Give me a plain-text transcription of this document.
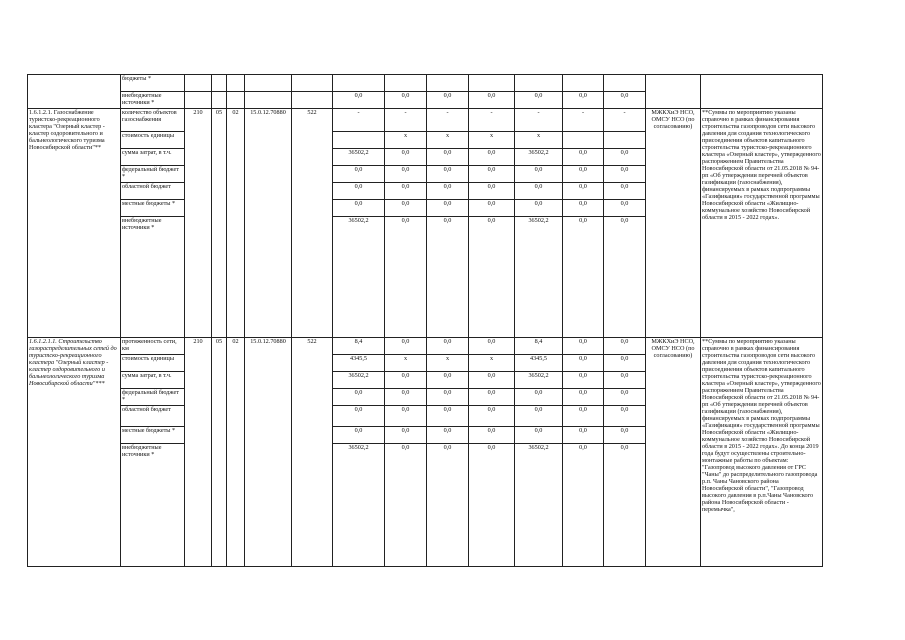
	бюджеты *														
	внебюджетные источники *						0,0	0,0	0,0	0,0	0,0	0,0	0,0		
1.6.1.2.1. Газоснабжение туристско-рекреационного кластера "Озерный кластер - кластер оздоровительного и бальнеологического туризма Новосибирской области"**	количество объектов газоснабжения	210	05	02	15.0.12.70880	522	-	-	-	-	-	-	-	МЖКХиЭ НСО, ОМСУ НСО (по согласованию)	**Суммы по мероприятию указаны справочно в рамках финансирования строительства газопроводов сети высокого давления для создания технологического присоединения объектов капитального строительства туристско-рекреационного кластера «Озерный кластер», утвержденного распоряжением Правительства Новосибирской области от 21.05.2018 № 94-рп «Об утверждении перечней объектов газификации (газоснабжения), финансируемых в рамках подпрограммы «Газификация» государственной программы Новосибирской области «Жилищно-коммунальное хозяйство Новосибирской области в 2015 - 2022 годах».
	стоимость единицы							x	x	x	x				
	сумма затрат, в т.ч.						36502,2	0,0	0,0	0,0	36502,2	0,0	0,0		
	федеральный бюджет *						0,0	0,0	0,0	0,0	0,0	0,0	0,0		
	областной бюджет						0,0	0,0	0,0	0,0	0,0	0,0	0,0		
	местные бюджеты *						0,0	0,0	0,0	0,0	0,0	0,0	0,0		
	внебюджетные источники *						36502,2	0,0	0,0	0,0	36502,2	0,0	0,0		
1.6.1.2.1.1. Строительство газораспределительных сетей до туристско-рекреационного кластера "Озерный кластер - кластер оздоровительного и бальнеологического туризма Новосибирской области"***	протяженность сети, км	210	05	02	15.0.12.70880	522	8,4	0,0	0,0	0,0	8,4	0,0	0,0	МЖКХиЭ НСО, ОМСУ НСО (по согласованию)	**Суммы по мероприятию указаны справочно в рамках финансирования строительства газопроводов сети высокого давления для создания технологического присоединения объектов капитального строительства туристско-рекреационного кластера «Озерный кластер», утвержденного распоряжением Правительства Новосибирской области от 21.05.2018 № 94-рп «Об утверждении перечней объектов газификации (газоснабжения), финансируемых в рамках подпрограммы «Газификация» государственной программы Новосибирской области «Жилищно-коммунальное хозяйство Новосибирской области в 2015 - 2022 годах». До конца 2019 года будут осуществлены строительно-монтажные работы по объектам: "Газопровод высокого давления от ГРС "Чаны" до распределительного газопровода р.п. Чаны Чановского района Новосибирской области", "Газопровод высокого давления в р.п.Чаны Чановского района Новосибирской области - перемычка",
	стоимость единицы						4345,5	x	x	x	4345,5	0,0	0,0		
	сумма затрат, в т.ч.						36502,2	0,0	0,0	0,0	36502,2	0,0	0,0		
	федеральный бюджет *						0,0	0,0	0,0	0,0	0,0	0,0	0,0		
	областной бюджет						0,0	0,0	0,0	0,0	0,0	0,0	0,0		
	местные бюджеты *						0,0	0,0	0,0	0,0	0,0	0,0	0,0		
	внебюджетные источники *						36502,2	0,0	0,0	0,0	36502,2	0,0	0,0		
